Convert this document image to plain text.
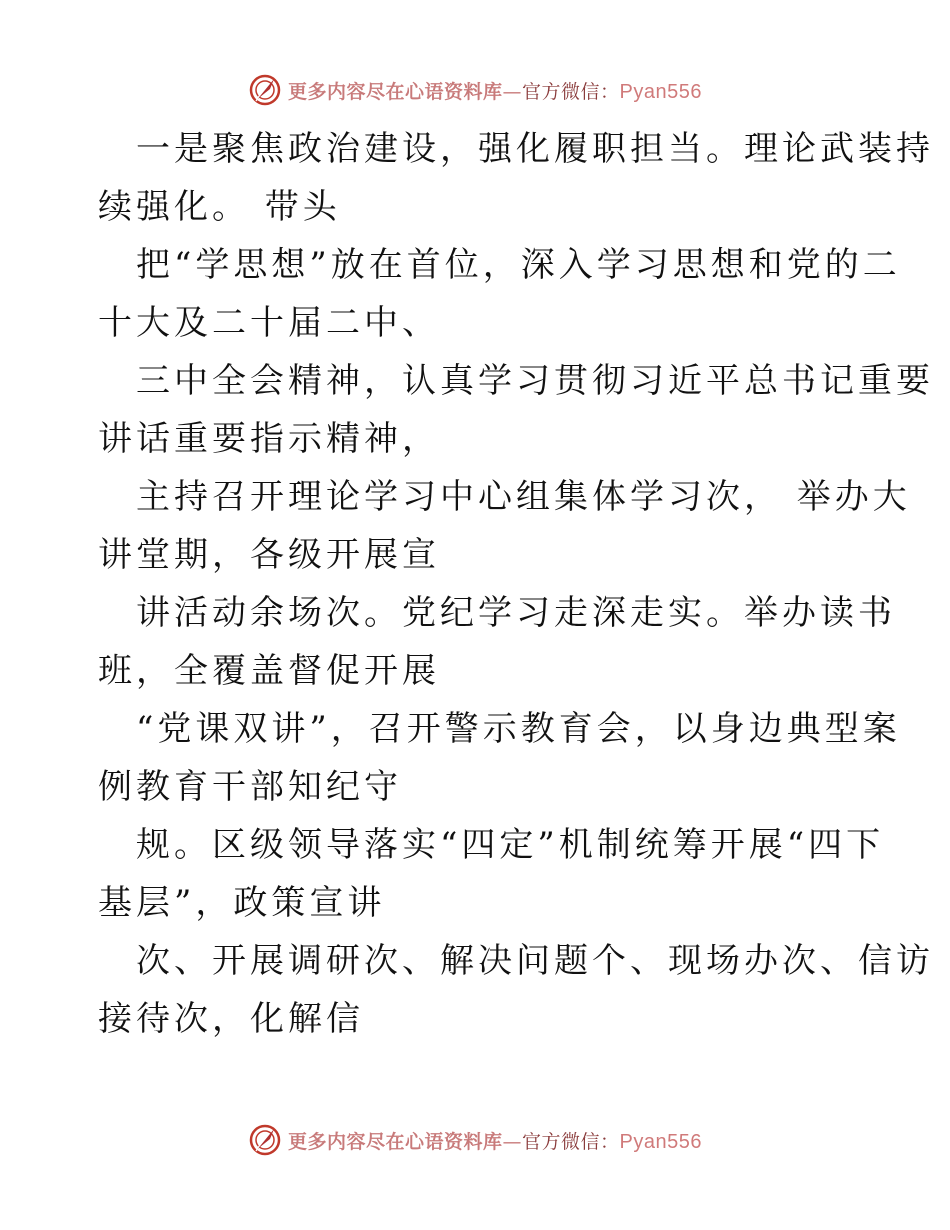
更多内容尽在心语资料库—官方微信：Pyan556
一是聚焦政治建设，强化履职担当。理论武装持
续强化。 带头
把“学思想”放在首位，深入学习思想和党的二
十大及二十届二中、
三中全会精神，认真学习贯彻习近平总书记重要
讲话重要指示精神，
主持召开理论学习中心组集体学习次， 举办大
讲堂期，各级开展宣
讲活动余场次。党纪学习走深走实。举办读书
班，全覆盖督促开展
“党课双讲”，召开警示教育会，以身边典型案
例教育干部知纪守
规。区级领导落实“四定”机制统筹开展“四下
基层”，政策宣讲
次、开展调研次、解决问题个、现场办次、信访
接待次，化解信
更多内容尽在心语资料库—官方微信：Pyan556
